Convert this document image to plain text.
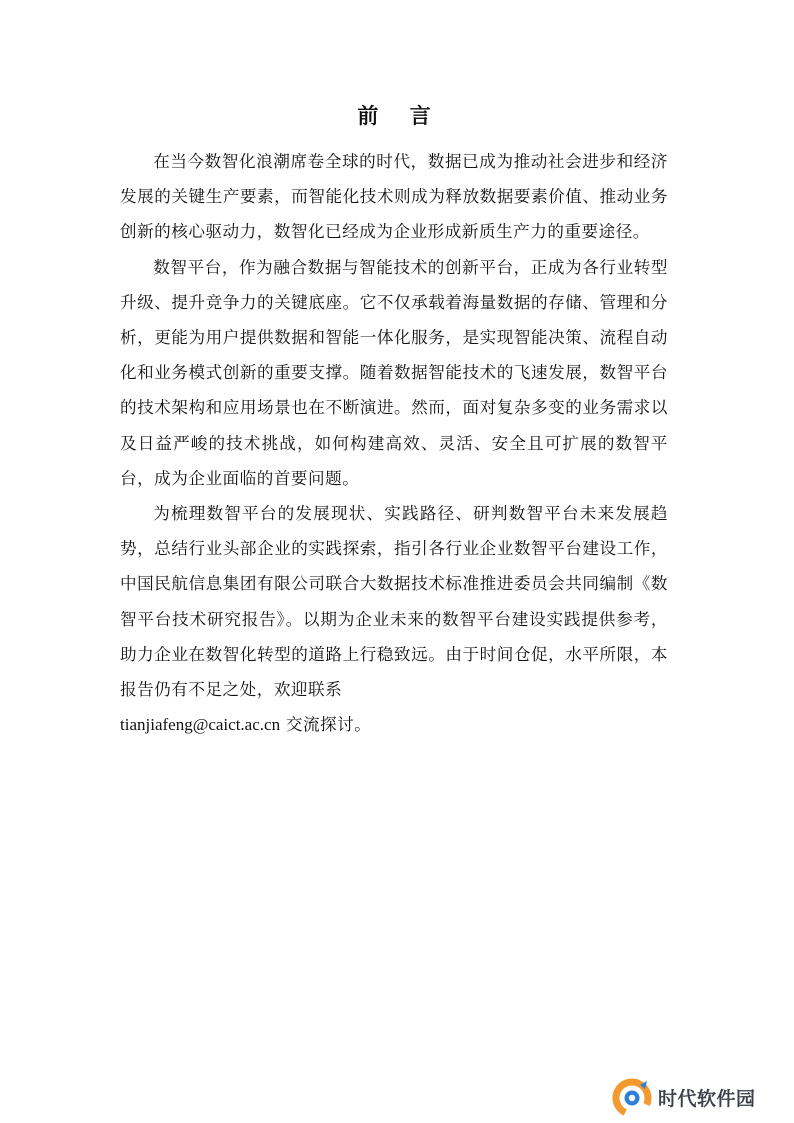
前 言

在当今数智化浪潮席卷全球的时代，数据已成为推动社会进步和经济发展的关键生产要素，而智能化技术则成为释放数据要素价值、推动业务创新的核心驱动力，数智化已经成为企业形成新质生产力的重要途径。

数智平台，作为融合数据与智能技术的创新平台，正成为各行业转型升级、提升竞争力的关键底座。它不仅承载着海量数据的存储、管理和分析，更能为用户提供数据和智能一体化服务，是实现智能决策、流程自动化和业务模式创新的重要支撑。随着数据智能技术的飞速发展，数智平台的技术架构和应用场景也在不断演进。然而，面对复杂多变的业务需求以及日益严峻的技术挑战，如何构建高效、灵活、安全且可扩展的数智平台，成为企业面临的首要问题。

为梳理数智平台的发展现状、实践路径、研判数智平台未来发展趋势，总结行业头部企业的实践探索，指引各行业企业数智平台建设工作，中国民航信息集团有限公司联合大数据技术标准推进委员会共同编制《数智平台技术研究报告》。以期为企业未来的数智平台建设实践提供参考，助力企业在数智化转型的道路上行稳致远。由于时间仓促，水平所限，本报告仍有不足之处，欢迎联系

tianjiafeng@caict.ac.cn 交流探讨。

时代软件园
